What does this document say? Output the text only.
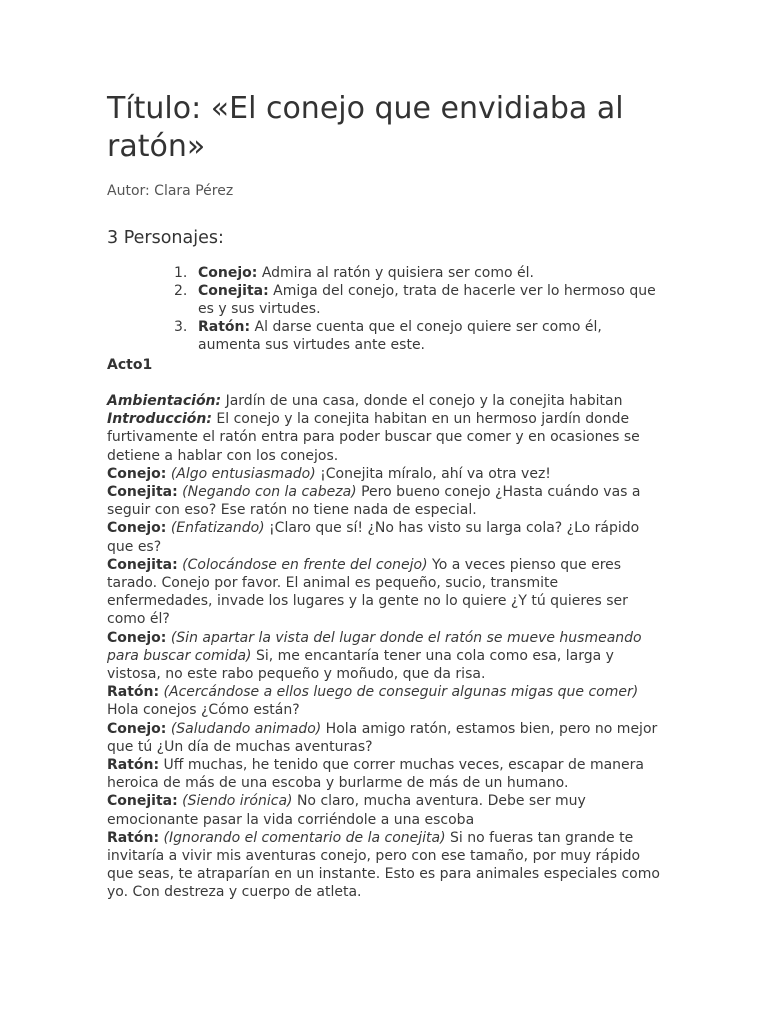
Título: «El conejo que envidiaba al ratón»
Autor: Clara Pérez
3 Personajes:
1. Conejo: Admira al ratón y quisiera ser como él.
2. Conejita: Amiga del conejo, trata de hacerle ver lo hermoso que es y sus virtudes.
3. Ratón: Al darse cuenta que el conejo quiere ser como él, aumenta sus virtudes ante este.
Acto1

Ambientación: Jardín de una casa, donde el conejo y la conejita habitan

Introducción: El conejo y la conejita habitan en un hermoso jardín donde furtivamente el ratón entra para poder buscar que comer y en ocasiones se detiene a hablar con los conejos.

Conejo: (Algo entusiasmado) ¡Conejita míralo, ahí va otra vez!

Conejita: (Negando con la cabeza) Pero bueno conejo ¿Hasta cuándo vas a seguir con eso? Ese ratón no tiene nada de especial.

Conejo: (Enfatizando) ¡Claro que sí! ¿No has visto su larga cola? ¿Lo rápido que es?

Conejita: (Colocándose en frente del conejo) Yo a veces pienso que eres tarado. Conejo por favor. El animal es pequeño, sucio, transmite enfermedades, invade los lugares y la gente no lo quiere ¿Y tú quieres ser como él?

Conejo: (Sin apartar la vista del lugar donde el ratón se mueve husmeando para buscar comida) Si, me encantaría tener una cola como esa, larga y vistosa, no este rabo pequeño y moñudo, que da risa.

Ratón: (Acercándose a ellos luego de conseguir algunas migas que comer) Hola conejos ¿Cómo están?

Conejo: (Saludando animado) Hola amigo ratón, estamos bien, pero no mejor que tú ¿Un día de muchas aventuras?

Ratón: Uff muchas, he tenido que correr muchas veces, escapar de manera heroica de más de una escoba y burlarme de más de un humano.

Conejita: (Siendo irónica) No claro, mucha aventura. Debe ser muy emocionante pasar la vida corriéndole a una escoba

Ratón: (Ignorando el comentario de la conejita) Si no fueras tan grande te invitaría a vivir mis aventuras conejo, pero con ese tamaño, por muy rápido que seas, te atraparían en un instante. Esto es para animales especiales como yo. Con destreza y cuerpo de atleta.
